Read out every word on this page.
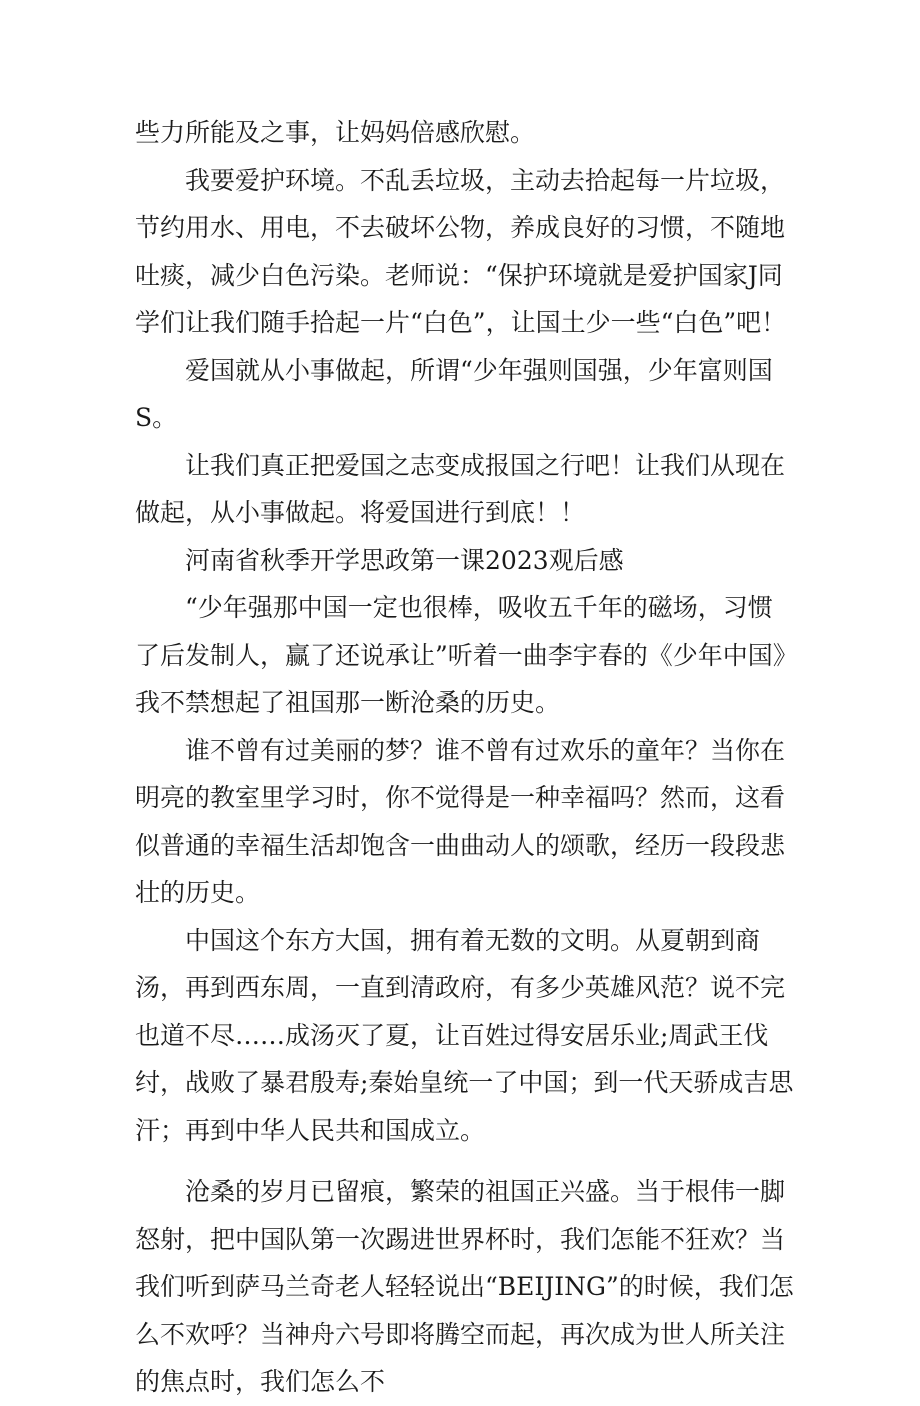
些力所能及之事，让妈妈倍感欣慰。

我要爱护环境。不乱丢垃圾，主动去拾起每一片垃圾，节约用水、用电，不去破坏公物，养成良好的习惯，不随地吐痰，减少白色污染。老师说：“保护环境就是爱护国家J同学们让我们随手拾起一片“白色”，让国土少一些“白色”吧！

爱国就从小事做起，所谓“少年强则国强，少年富则国S。

让我们真正把爱国之志变成报国之行吧！让我们从现在做起，从小事做起。将爱国进行到底！！

河南省秋季开学思政第一课2023观后感

“少年强那中国一定也很棒，吸收五千年的磁场，习惯了后发制人，赢了还说承让”听着一曲李宇春的《少年中国》我不禁想起了祖国那一断沧桑的历史。

谁不曾有过美丽的梦？谁不曾有过欢乐的童年？当你在明亮的教室里学习时，你不觉得是一种幸福吗？然而，这看似普通的幸福生活却饱含一曲曲动人的颂歌，经历一段段悲壮的历史。

中国这个东方大国，拥有着无数的文明。从夏朝到商汤，再到西东周，一直到清政府，有多少英雄风范？说不完也道不尽……成汤灭了夏，让百姓过得安居乐业;周武王伐纣，战败了暴君殷寿;秦始皇统一了中国；到一代天骄成吉思汗；再到中华人民共和国成立。

沧桑的岁月已留痕，繁荣的祖国正兴盛。当于根伟一脚怒射，把中国队第一次踢进世界杯时，我们怎能不狂欢？当我们听到萨马兰奇老人轻轻说出“BEIJING”的时候，我们怎么不欢呼？当神舟六号即将腾空而起，再次成为世人所关注的焦点时，我们怎么不
